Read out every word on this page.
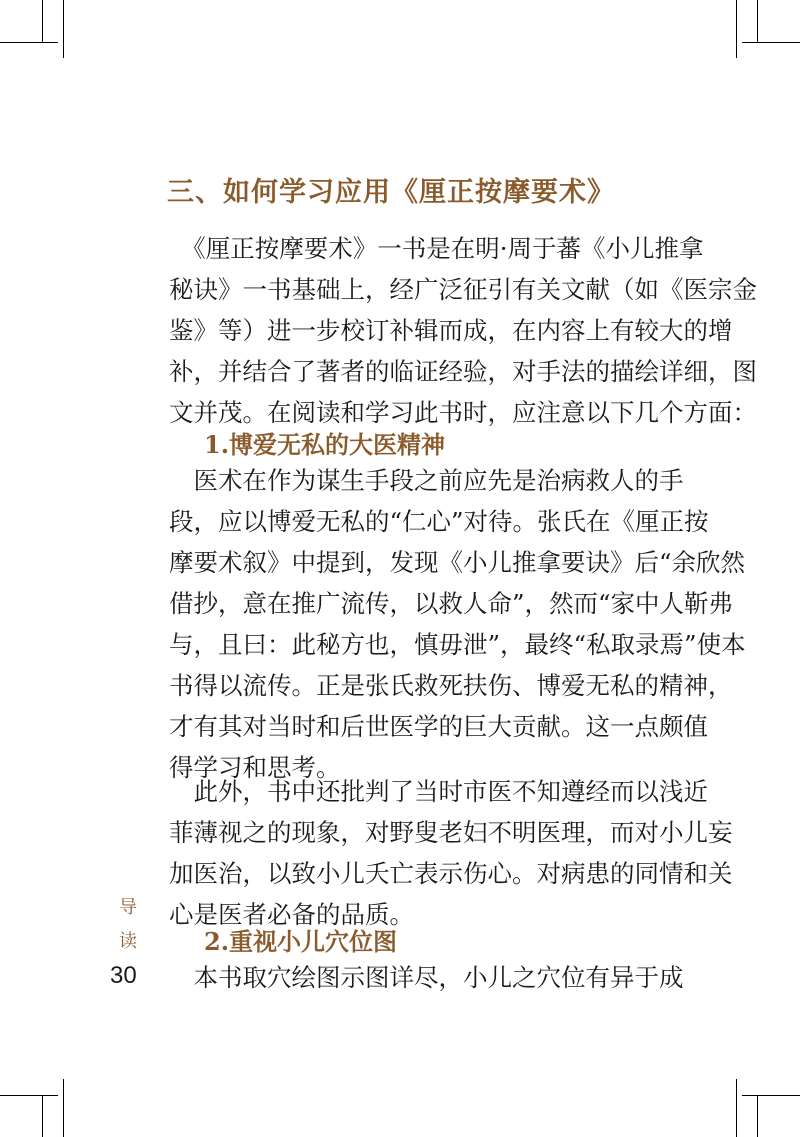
三、如何学习应用《厘正按摩要术》
　《厘正按摩要术》一书是在明·周于蕃《小儿推拿
秘诀》一书基础上，经广泛征引有关文献（如《医宗金
鉴》等）进一步校订补辑而成，在内容上有较大的增
补，并结合了著者的临证经验，对手法的描绘详细，图
文并茂。在阅读和学习此书时，应注意以下几个方面：
1.博爱无私的大医精神
　医术在作为谋生手段之前应先是治病救人的手
段，应以博爱无私的“仁心”对待。张氏在《厘正按
摩要术叙》中提到，发现《小儿推拿要诀》后“余欣然
借抄，意在推广流传，以救人命”，然而“家中人靳弗
与，且曰：此秘方也，慎毋泄”，最终“私取录焉”使本
书得以流传。正是张氏救死扶伤、博爱无私的精神，
才有其对当时和后世医学的巨大贡献。这一点颇值
得学习和思考。
　此外，书中还批判了当时市医不知遵经而以浅近
菲薄视之的现象，对野叟老妇不明医理，而对小儿妄
加医治，以致小儿夭亡表示伤心。对病患的同情和关
心是医者必备的品质。
2.重视小儿穴位图
　本书取穴绘图示图详尽，小儿之穴位有异于成
导
读
30
